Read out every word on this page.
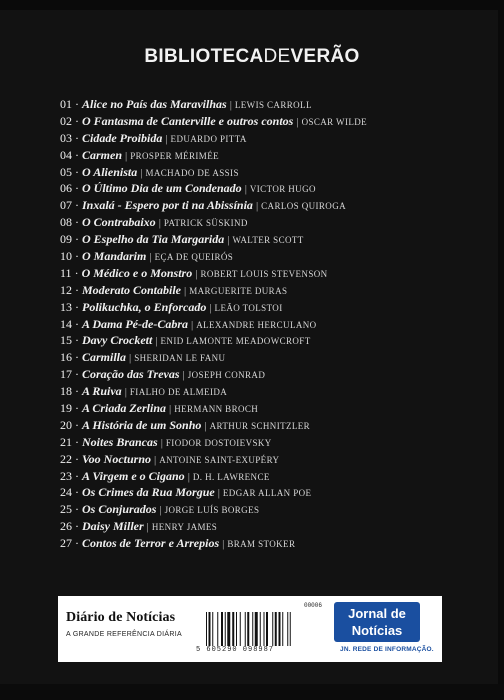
BIBLIOTECADEVERÃO
01 · Alice no País das Maravilhas | LEWIS CARROLL
02 · O Fantasma de Canterville e outros contos | OSCAR WILDE
03 · Cidade Proibida | EDUARDO PITTA
04 · Carmen | PROSPER MÉRIMÉE
05 · O Alienista | MACHADO DE ASSIS
06 · O Último Dia de um Condenado | VICTOR HUGO
07 · Inxalá - Espero por ti na Abissínia | CARLOS QUIROGA
08 · O Contrabaixo | PATRICK SÜSKIND
09 · O Espelho da Tia Margarida | WALTER SCOTT
10 · O Mandarim | EÇA DE QUEIRÓS
11 · O Médico e o Monstro | ROBERT LOUIS STEVENSON
12 · Moderato Contabile | MARGUERITE DURAS
13 · Polikuchka, o Enforcado | LEÃO TOLSTOI
14 · A Dama Pé-de-Cabra | ALEXANDRE HERCULANO
15 · Davy Crockett | ENID LAMONTE MEADOWCROFT
16 · Carmilla | SHERIDAN LE FANU
17 · Coração das Trevas | JOSEPH CONRAD
18 · A Ruiva | FIALHO DE ALMEIDA
19 · A Criada Zerlina | HERMANN BROCH
20 · A História de um Sonho | ARTHUR SCHNITZLER
21 · Noites Brancas | FIODOR DOSTOIEVSKY
22 · Voo Nocturno | ANTOINE SAINT-EXUPÉRY
23 · A Virgem e o Cigano | D. H. LAWRENCE
24 · Os Crimes da Rua Morgue | EDGAR ALLAN POE
25 · Os Conjurados | JORGE LUÍS BORGES
26 · Daisy Miller | HENRY JAMES
27 · Contos de Terror e Arrepios | BRAM STOKER
Diário de Notícias
A GRANDE REFERÊNCIA DIÁRIA
00006
5 605290 098987
Jornal de
Notícias
JN. REDE DE INFORMAÇÃO.
